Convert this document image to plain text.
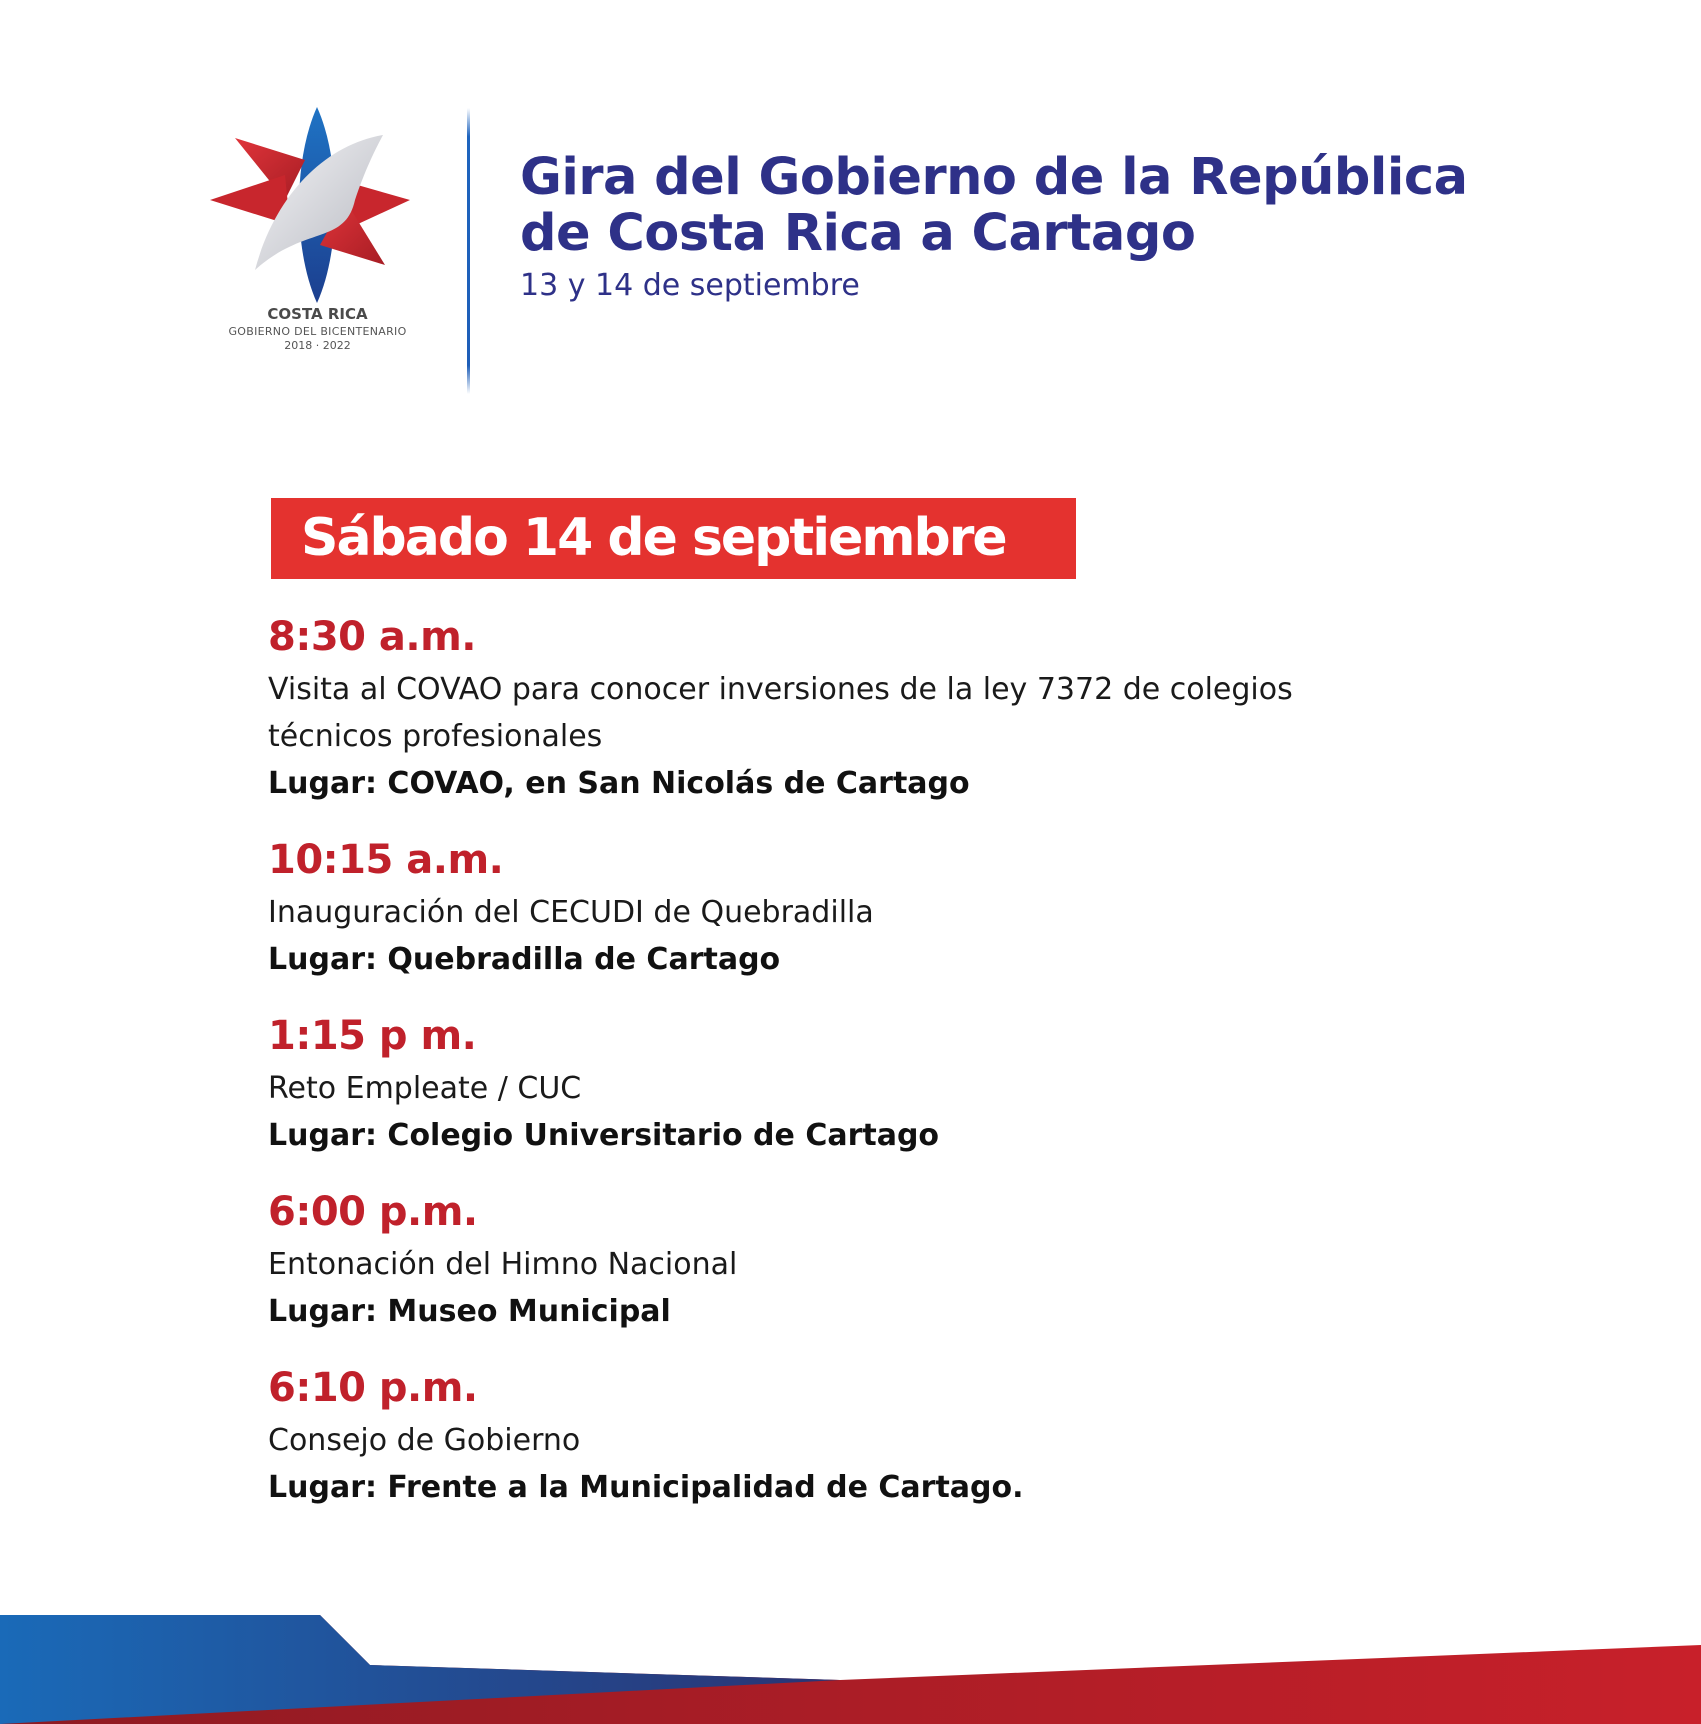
COSTA RICA
GOBIERNO DEL BICENTENARIO
2018 · 2022
Gira del Gobierno de la República
de Costa Rica a Cartago
13 y 14 de septiembre
Sábado 14 de septiembre
8:30 a.m.
Visita al COVAO para conocer inversiones de la ley 7372 de colegios
técnicos profesionales
Lugar: COVAO, en San Nicolás de Cartago
10:15 a.m.
Inauguración del CECUDI de Quebradilla
Lugar: Quebradilla de Cartago
1:15 p m.
Reto Empleate / CUC
Lugar: Colegio Universitario de Cartago
6:00 p.m.
Entonación del Himno Nacional
Lugar: Museo Municipal
6:10 p.m.
Consejo de Gobierno
Lugar: Frente a la Municipalidad de Cartago.
